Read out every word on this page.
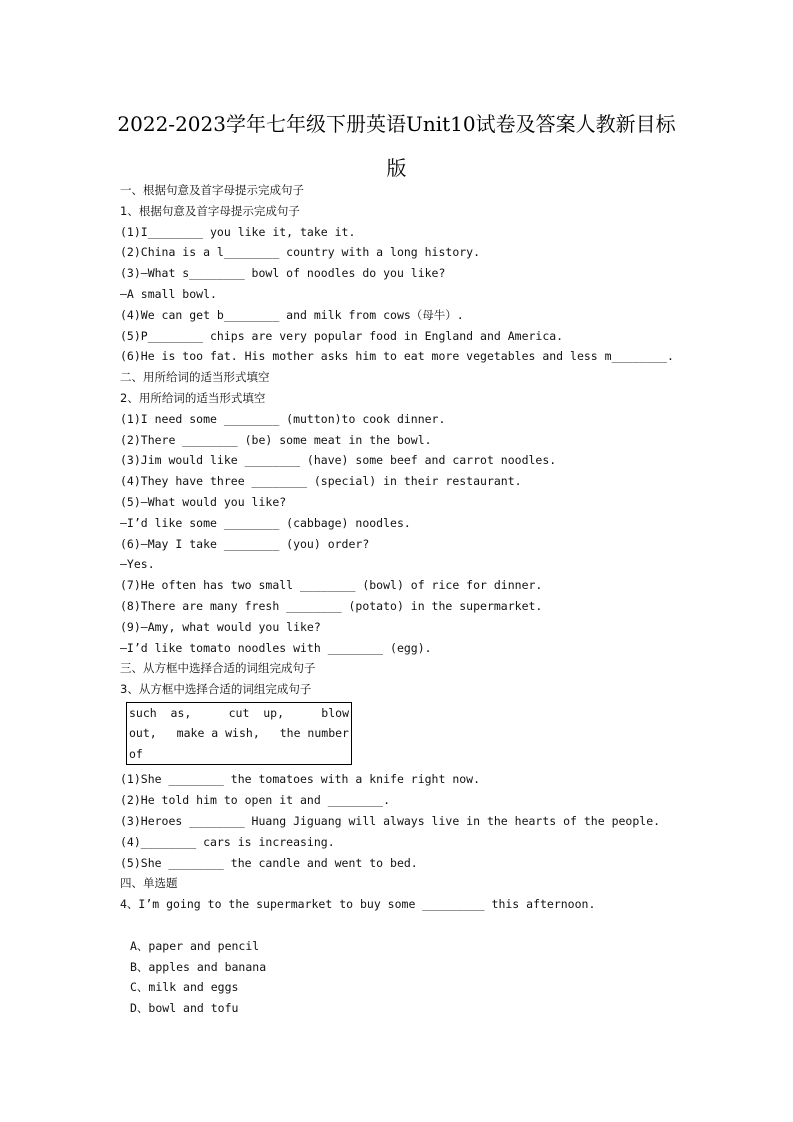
2022-2023学年七年级下册英语Unit10试卷及答案人教新目标版
一、根据句意及首字母提示完成句子
1、根据句意及首字母提示完成句子
(1)I________ you like it, take it.
(2)China is a l________ country with a long history.
(3)—What s________ bowl of noodles do you like?
—A small bowl.
(4)We can get b________ and milk from cows（母牛）.
(5)P________ chips are very popular food in England and America.
(6)He is too fat. His mother asks him to eat more vegetables and less m________.
二、用所给词的适当形式填空
2、用所给词的适当形式填空
(1)I need some ________ (mutton)to cook dinner.
(2)There ________ (be) some meat in the bowl.
(3)Jim would like ________ (have) some beef and carrot noodles.
(4)They have three ________ (special) in their restaurant.
(5)—What would you like?
—I’d like some ________ (cabbage) noodles.
(6)—May I take ________ (you) order?
—Yes.
(7)He often has two small ________ (bowl) of rice for dinner.
(8)There are many fresh ________ (potato) in the supermarket.
(9)—Amy, what would you like?
—I’d like tomato noodles with ________ (egg).
三、从方框中选择合适的词组完成句子
3、从方框中选择合适的词组完成句子
such  as,	cut  up,	blow
out, make a wish, the number
of
(1)She ________ the tomatoes with a knife right now.
(2)He told him to open it and ________.
(3)Heroes ________ Huang Jiguang will always live in the hearts of the people.
(4)________ cars is increasing.
(5)She ________ the candle and went to bed.
四、单选题
4、I’m going to the supermarket to buy some _________ this afternoon.
A、paper and pencil
B、apples and banana
C、milk and eggs
D、bowl and tofu
